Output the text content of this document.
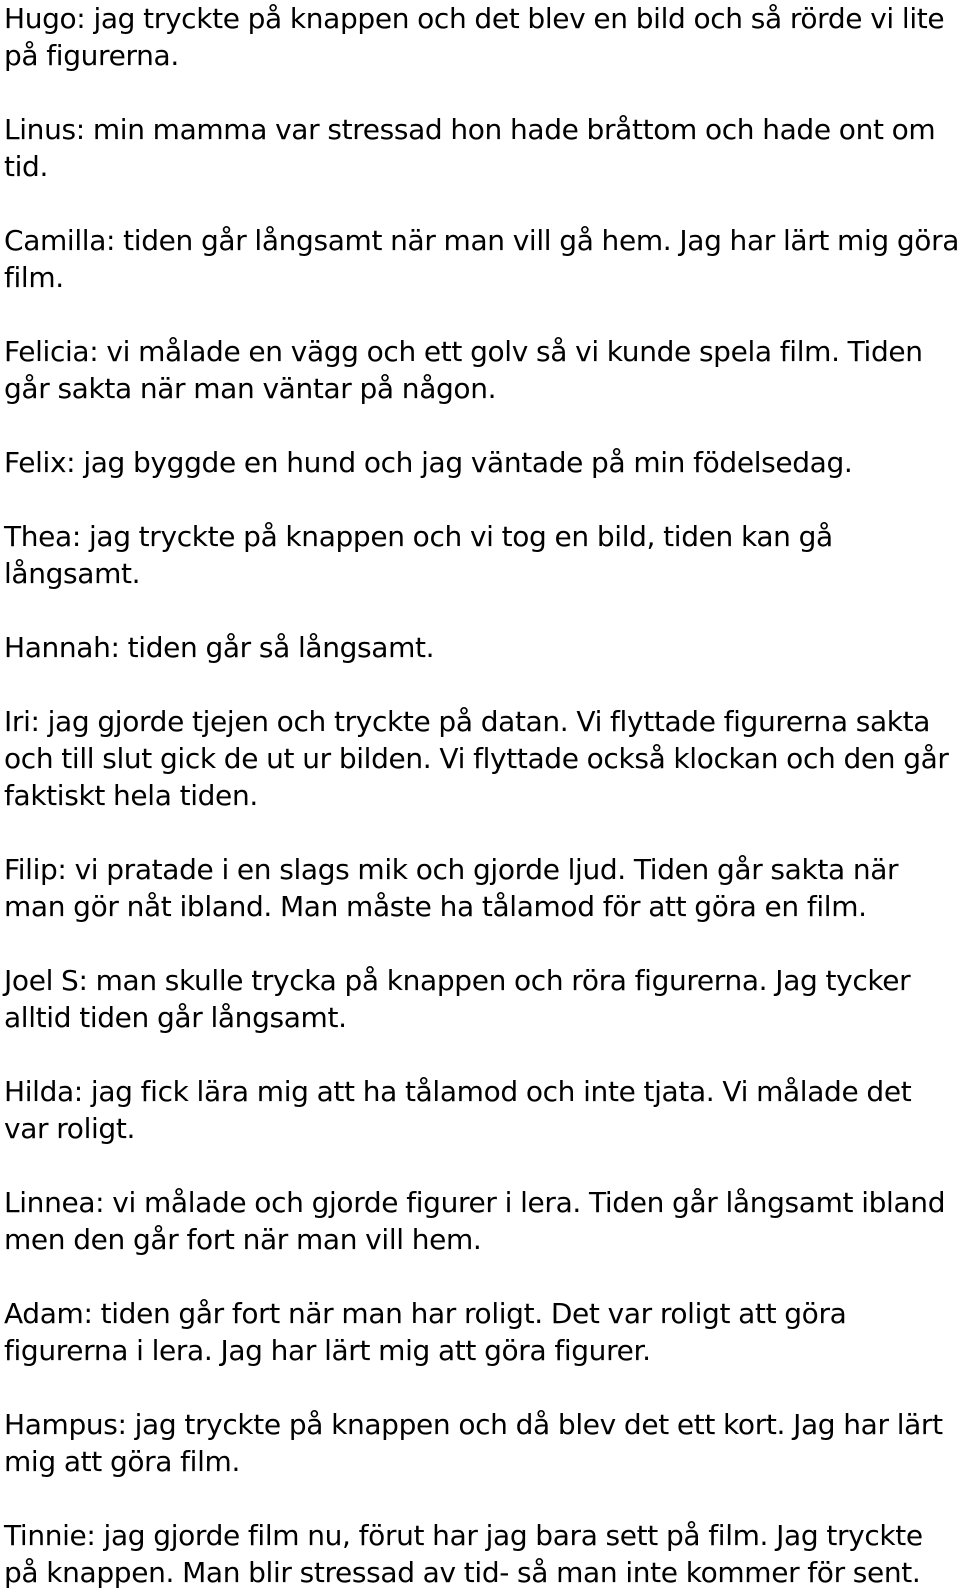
Hugo: jag tryckte på knappen och det blev en bild och så rörde vi lite på figurerna.

Linus: min mamma var stressad hon hade bråttom och hade ont om tid.

Camilla: tiden går långsamt när man vill gå hem. Jag har lärt mig göra film.

Felicia: vi målade en vägg och ett golv så vi kunde spela film. Tiden går sakta när man väntar på någon.

Felix: jag byggde en hund och jag väntade på min födelsedag.

Thea: jag tryckte på knappen och vi tog en bild, tiden kan gå långsamt.

Hannah: tiden går så långsamt.

Iri: jag gjorde tjejen och tryckte på datan. Vi flyttade figurerna sakta och till slut gick de ut ur bilden. Vi flyttade också klockan och den går faktiskt hela tiden.

Filip: vi pratade i en slags mik och gjorde ljud. Tiden går sakta när man gör nåt ibland. Man måste ha tålamod för att göra en film.

Joel S: man skulle trycka på knappen och röra figurerna. Jag tycker alltid tiden går långsamt.

Hilda: jag fick lära mig att ha tålamod och inte tjata. Vi målade det var roligt.

Linnea: vi målade och gjorde figurer i lera. Tiden går långsamt ibland men den går fort när man vill hem.

Adam: tiden går fort när man har roligt. Det var roligt att göra figurerna i lera. Jag har lärt mig att göra figurer.

Hampus: jag tryckte på knappen och då blev det ett kort. Jag har lärt mig att göra film.

Tinnie: jag gjorde film nu, förut har jag bara sett på film. Jag tryckte på knappen. Man blir stressad av tid- så man inte kommer för sent.
